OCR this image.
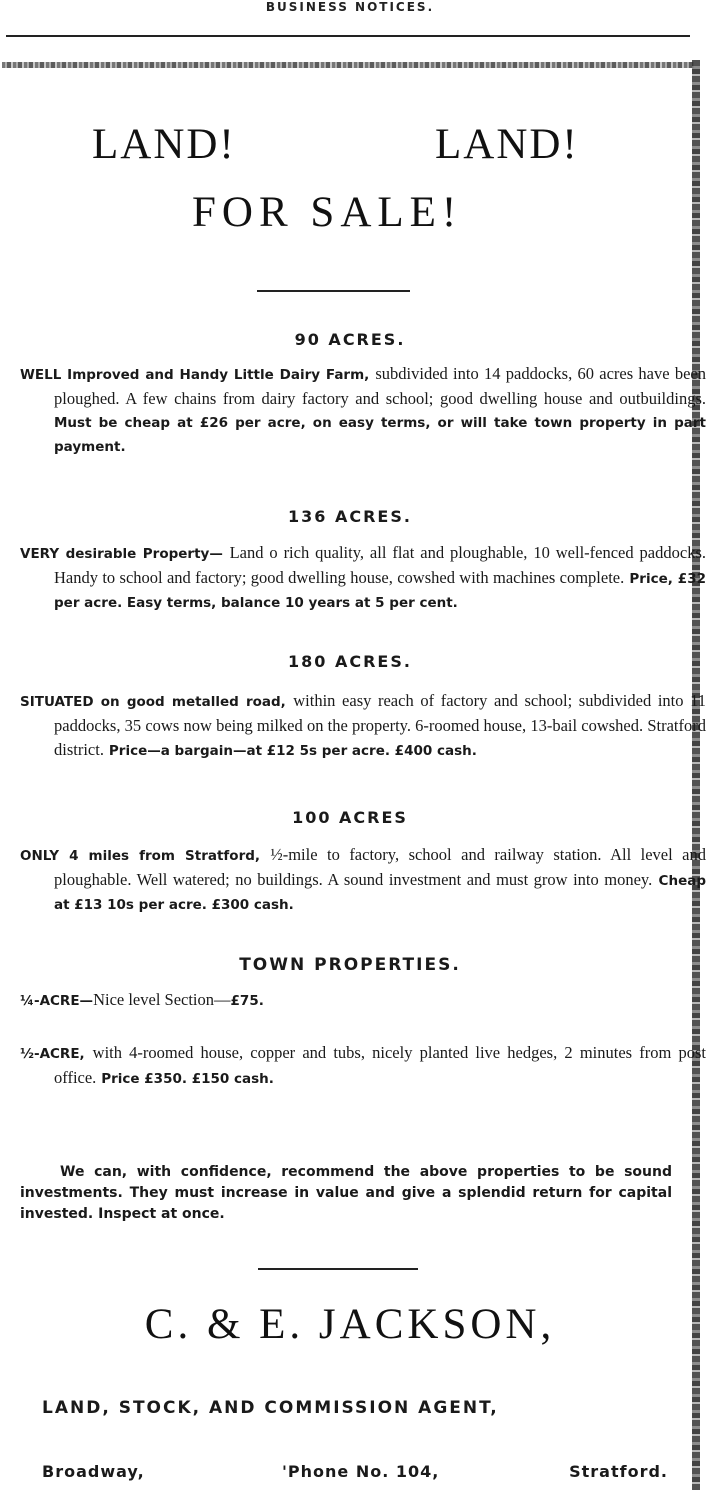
BUSINESS NOTICES.
LAND!	LAND!
FOR SALE!
90 ACRES.
WELL Improved and Handy Little Dairy Farm, subdivided into 14 paddocks, 60 acres have been ploughed. A few chains from dairy factory and school; good dwelling house and outbuildings. Must be cheap at £26 per acre, on easy terms, or will take town property in part payment.
136 ACRES.
VERY desirable Property— Land o rich quality, all flat and ploughable, 10 well-fenced paddocks. Handy to school and factory; good dwelling house, cowshed with machines complete. Price, £32 per acre. Easy terms, balance 10 years at 5 per cent.
180 ACRES.
SITUATED on good metalled road, within easy reach of factory and school; subdivided into 11 paddocks, 35 cows now being milked on the property. 6-roomed house, 13-bail cowshed. Stratford district. Price—a bargain—at £12 5s per acre. £400 cash.
100 ACRES
ONLY 4 miles from Stratford, ½-mile to factory, school and railway station. All level and ploughable. Well watered; no buildings. A sound investment and must grow into money. Cheap at £13 10s per acre. £300 cash.
TOWN PROPERTIES.
¼-ACRE—Nice level Section—£75.
½-ACRE, with 4-roomed house, copper and tubs, nicely planted live hedges, 2 minutes from post office. Price £350. £150 cash.
We can, with confidence, recommend the above properties to be sound investments. They must increase in value and give a splendid return for capital invested. Inspect at once.
C. & E. JACKSON,
LAND, STOCK, AND COMMISSION AGENT,
Broadway,	'Phone No. 104,	Stratford.
